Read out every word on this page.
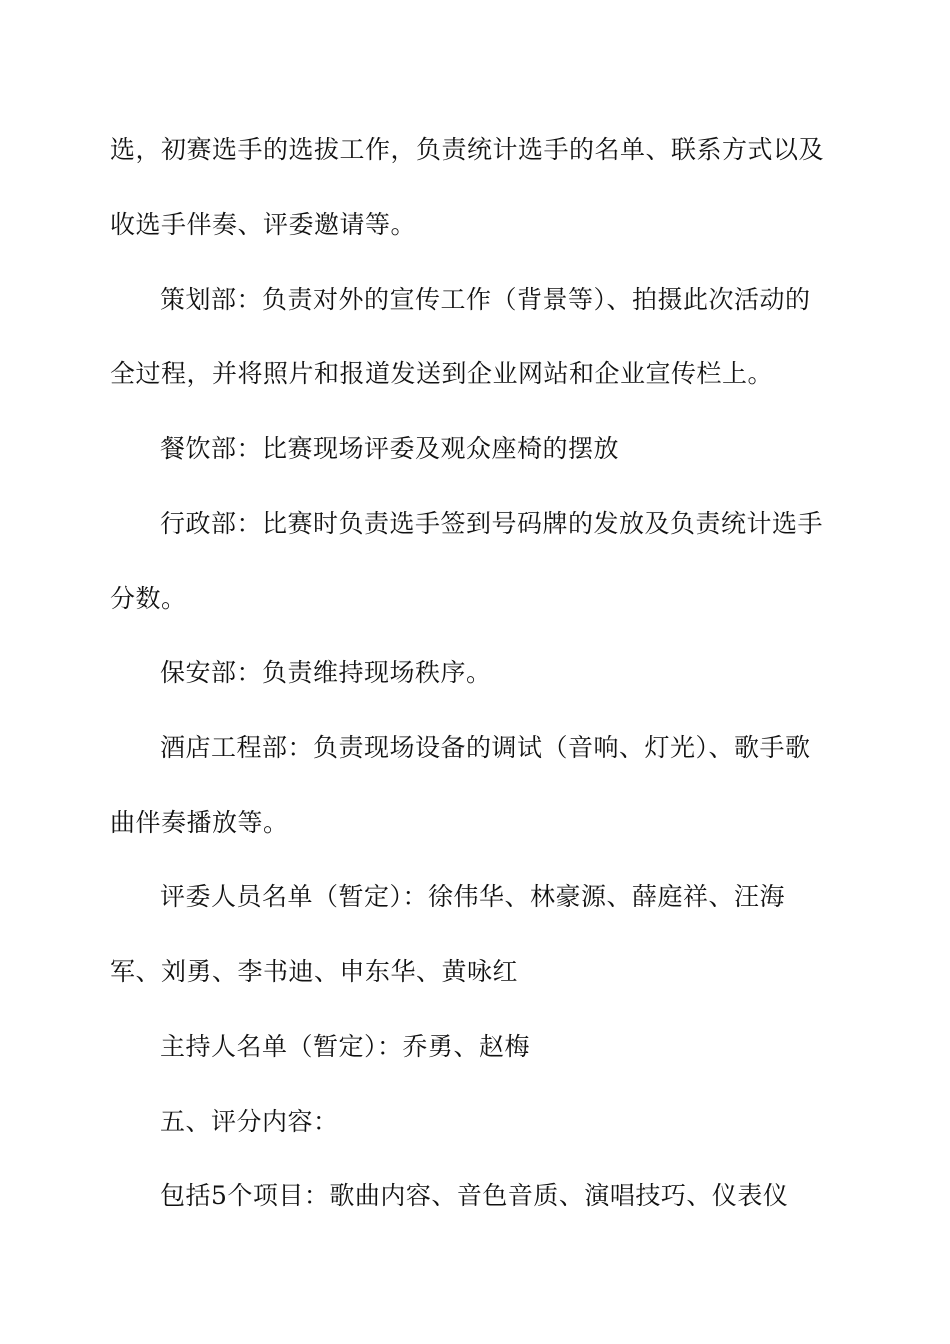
选，初赛选手的选拔工作，负责统计选手的名单、联系方式以及
收选手伴奏、评委邀请等。
策划部：负责对外的宣传工作（背景等）、拍摄此次活动的
全过程，并将照片和报道发送到企业网站和企业宣传栏上。
餐饮部：比赛现场评委及观众座椅的摆放
行政部：比赛时负责选手签到号码牌的发放及负责统计选手
分数。
保安部：负责维持现场秩序。
酒店工程部：负责现场设备的调试（音响、灯光）、歌手歌
曲伴奏播放等。
评委人员名单（暂定）：徐伟华、林豪源、薛庭祥、汪海
军、刘勇、李书迪、申东华、黄咏红
主持人名单（暂定）：乔勇、赵梅
五、评分内容：
包括5个项目：歌曲内容、音色音质、演唱技巧、仪表仪
